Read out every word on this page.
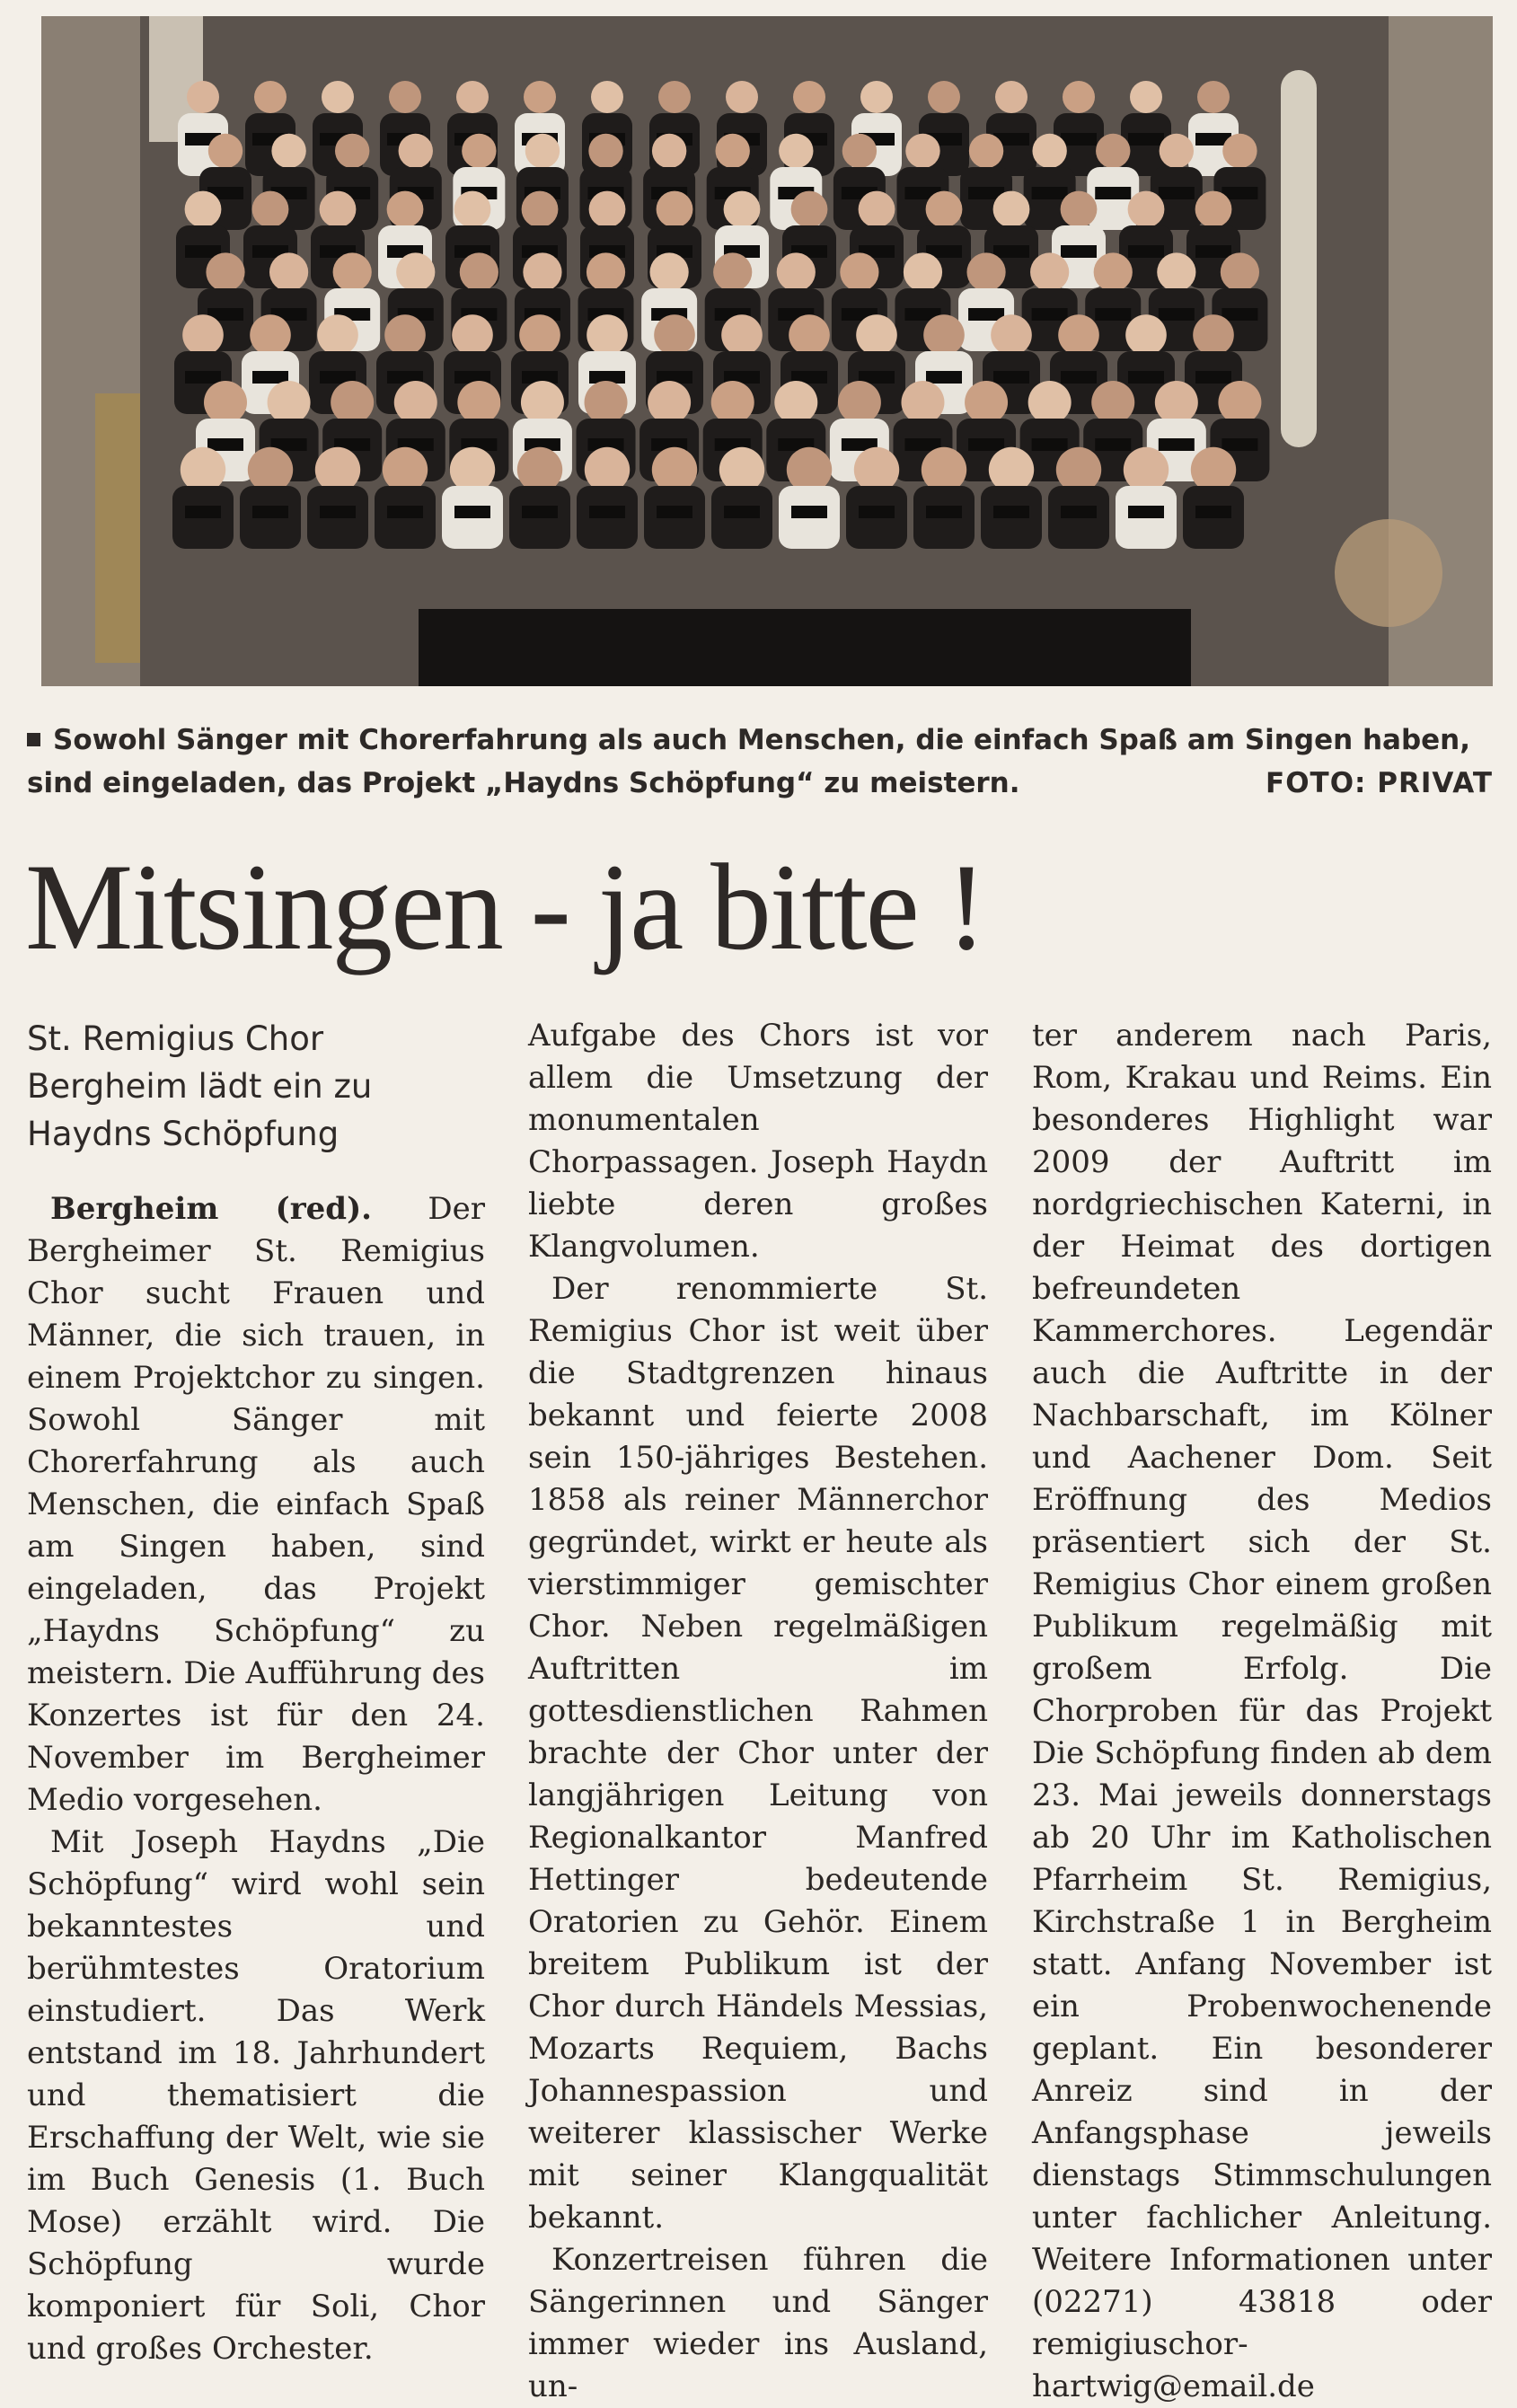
Sowohl Sänger mit Chorerfahrung als auch Menschen, die einfach Spaß am Singen haben, sind eingeladen, das Projekt „Haydns Schöpfung“ zu meistern.	FOTO: PRIVAT
Mitsingen - ja bitte !
St. Remigius Chor Bergheim lädt ein zu Haydns Schöpfung

Bergheim (red). Der Bergheimer St. Remigius Chor sucht Frauen und Männer, die sich trauen, in einem Projektchor zu singen. Sowohl Sänger mit Chorerfahrung als auch Menschen, die einfach Spaß am Singen haben, sind eingeladen, das Projekt „Haydns Schöpfung“ zu meistern. Die Aufführung des Konzertes ist für den 24. November im Bergheimer Medio vorgesehen.

Mit Joseph Haydns „Die Schöpfung“ wird wohl sein bekanntestes und berühmtestes Oratorium einstudiert. Das Werk entstand im 18. Jahrhundert und thematisiert die Erschaffung der Welt, wie sie im Buch Genesis (1. Buch Mose) erzählt wird. Die Schöpfung wurde komponiert für Soli, Chor und großes Orchester.

Aufgabe des Chors ist vor allem die Umsetzung der monumentalen Chorpassagen. Joseph Haydn liebte deren großes Klangvolumen.

Der renommierte St. Remigius Chor ist weit über die Stadtgrenzen hinaus bekannt und feierte 2008 sein 150-jähriges Bestehen. 1858 als reiner Männerchor gegründet, wirkt er heute als vierstimmiger gemischter Chor. Neben regelmäßigen Auftritten im gottesdienstlichen Rahmen brachte der Chor unter der langjährigen Leitung von Regionalkantor Manfred Hettinger bedeutende Oratorien zu Gehör. Einem breitem Publikum ist der Chor durch Händels Messias, Mozarts Requiem, Bachs Johannespassion und weiterer klassischer Werke mit seiner Klangqualität bekannt.

Konzertreisen führen die Sängerinnen und Sänger immer wieder ins Ausland, un-

ter anderem nach Paris, Rom, Krakau und Reims. Ein besonderes Highlight war 2009 der Auftritt im nordgriechischen Katerni, in der Heimat des dortigen befreundeten Kammerchores. Legendär auch die Auftritte in der Nachbarschaft, im Kölner und Aachener Dom. Seit Eröffnung des Medios präsentiert sich der St. Remigius Chor einem großen Publikum regelmäßig mit großem Erfolg. Die Chorproben für das Projekt Die Schöpfung finden ab dem 23. Mai jeweils donnerstags ab 20 Uhr im Katholischen Pfarrheim St. Remigius, Kirchstraße 1 in Bergheim statt. Anfang November ist ein Probenwochenende geplant. Ein besonderer Anreiz sind in der Anfangsphase jeweils dienstags Stimmschulungen unter fachlicher Anleitung. Weitere Informationen unter (02271) 43818 oder remigiuschor-hartwig@email.de
